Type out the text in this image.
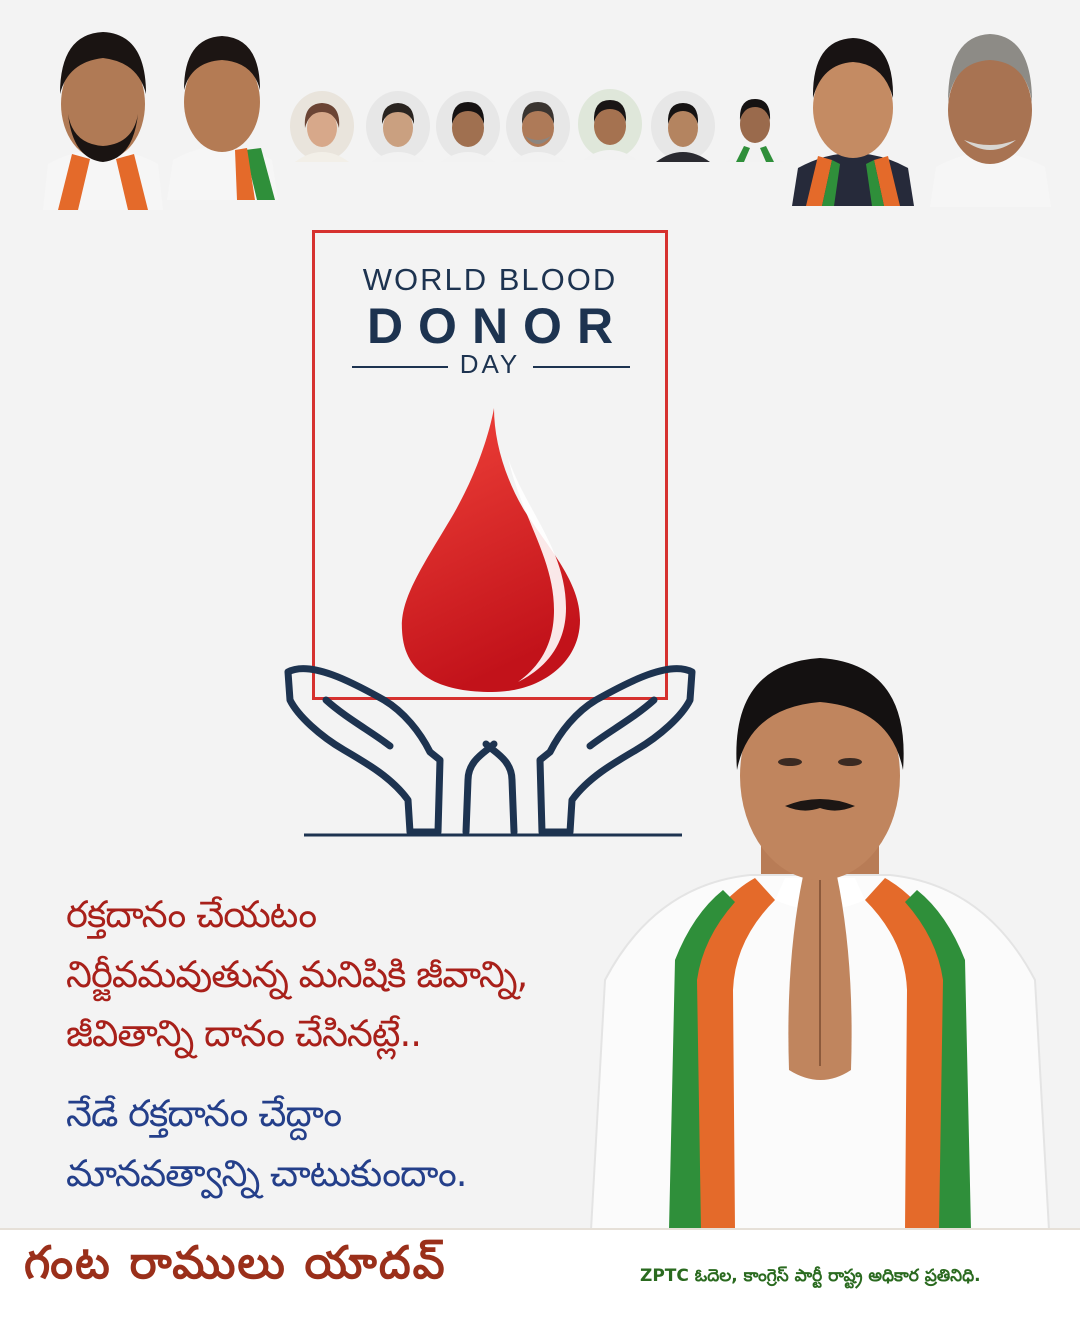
WORLD BLOOD
DONOR
DAY
రక్తదానం చేయటం
నిర్జీవమవుతున్న మనిషికి జీవాన్ని,
జీవితాన్ని దానం చేసినట్లే..
నేడే రక్తదానం చేద్దాం
మానవత్వాన్ని చాటుకుందాం.
గంట రాములు యాదవ్	ZPTC ఓదెల, కాంగ్రెస్ పార్టీ రాష్ట్ర అధికార ప్రతినిధి.
